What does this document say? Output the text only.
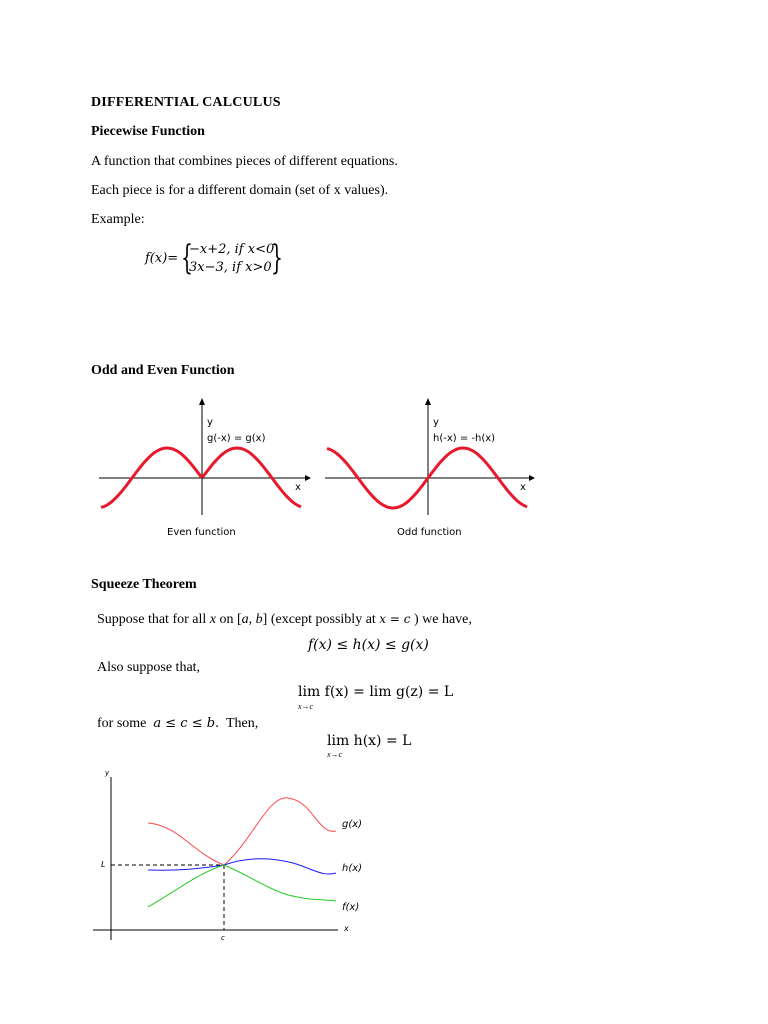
DIFFERENTIAL CALCULUS
Piecewise Function
A function that combines pieces of different equations.
Each piece is for a different domain (set of x values).
Example:
f(x)= {
−x+2, if x<0
3x−3, if x>0 }
Odd and Even Function
y
g(-x) = g(x)
x
Even function
y
h(-x) = -h(x)
x
Odd function
Squeeze Theorem
Suppose that for all x on [a, b] (except possibly at x = c ) we have,
f(x) ≤ h(x) ≤ g(x)
Also suppose that,
lim f(x) = lim g(z) = L
x→c
for some a ≤ c ≤ b. Then,
lim h(x) = L
x→c
y
x
L
c
g(x)
h(x)
f(x)
